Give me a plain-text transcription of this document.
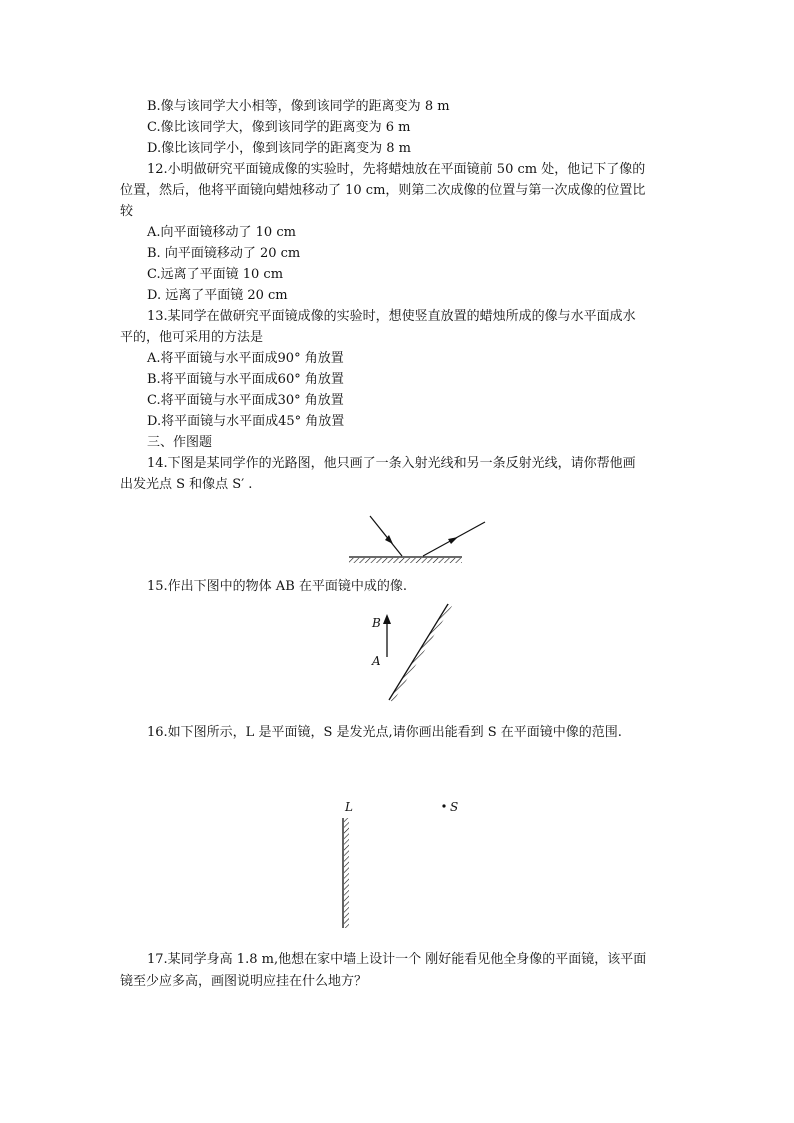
B.像与该同学大小相等，像到该同学的距离变为 8 m
C.像比该同学大，像到该同学的距离变为 6 m
D.像比该同学小，像到该同学的距离变为 8 m
12.小明做研究平面镜成像的实验时，先将蜡烛放在平面镜前 50 cm 处，他记下了像的
位置，然后，他将平面镜向蜡烛移动了 10 cm，则第二次成像的位置与第一次成像的位置比
较
A.向平面镜移动了 10 cm
B. 向平面镜移动了 20 cm
C.远离了平面镜 10 cm
D. 远离了平面镜 20 cm
13.某同学在做研究平面镜成像的实验时，想使竖直放置的蜡烛所成的像与水平面成水
平的，他可采用的方法是
A.将平面镜与水平面成90° 角放置
B.将平面镜与水平面成60° 角放置
C.将平面镜与水平面成30° 角放置
D.将平面镜与水平面成45° 角放置
三、作图题
14.下图是某同学作的光路图，他只画了一条入射光线和另一条反射光线，请你帮他画
出发光点 S 和像点 S′ .
15.作出下图中的物体 AB 在平面镜中成的像.
16.如下图所示，L 是平面镜，S 是发光点,请你画出能看到 S 在平面镜中像的范围.
17.某同学身高 1.8 m,他想在家中墙上设计一个 刚好能看见他全身像的平面镜，该平面
镜至少应多高，画图说明应挂在什么地方？
B
A
L	S
